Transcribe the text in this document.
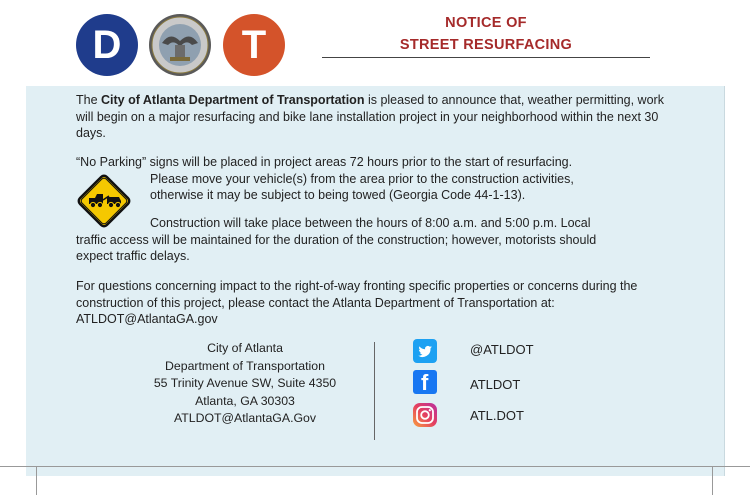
D	T	NOTICE OF
STREET RESURFACING
The City of Atlanta Department of Transportation is pleased to announce that, weather permitting, work will begin on a major resurfacing and bike lane installation project in your neighborhood within the next 30 days.
“No Parking” signs will be placed in project areas 72 hours prior to the start of resurfacing.
Please move your vehicle(s) from the area prior to the construction activities,
otherwise it may be subject to being towed (Georgia Code 44-1-13).
Construction will take place between the hours of 8:00 a.m. and 5:00 p.m. Local
traffic access will be maintained for the duration of the construction; however, motorists should
expect traffic delays.
For questions concerning impact to the right-of-way fronting specific properties or concerns during the construction of this project, please contact the Atlanta Department of Transportation at: ATLDOT@AtlantaGA.gov
City of Atlanta
Department of Transportation
55 Trinity Avenue SW, Suite 4350
Atlanta, GA 30303
ATLDOT@AtlantaGA.Gov
f
@ATLDOT
ATLDOT
ATL.DOT
